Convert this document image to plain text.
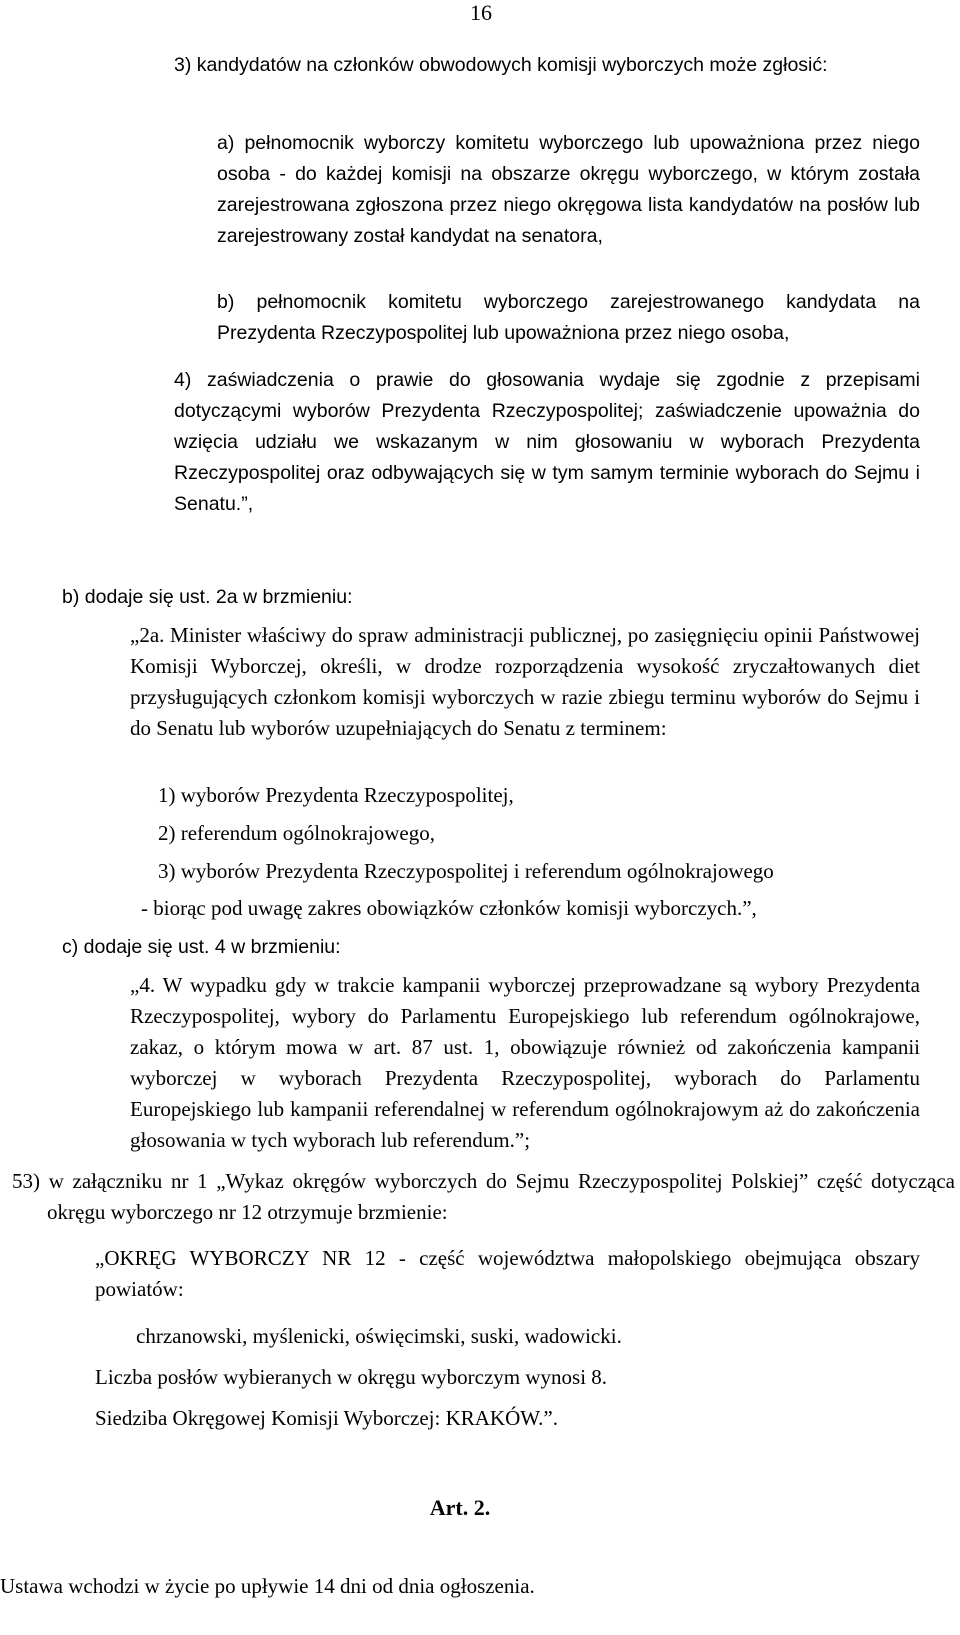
16
3) kandydatów na członków obwodowych komisji wyborczych może zgłosić:
a) pełnomocnik wyborczy komitetu wyborczego lub upoważniona przez niego osoba - do każdej komisji na obszarze okręgu wyborczego, w którym została zarejestrowana zgłoszona przez niego okręgowa lista kandydatów na posłów lub zarejestrowany został kandydat na senatora,
b) pełnomocnik komitetu wyborczego zarejestrowanego kandydata na Prezydenta Rzeczypospolitej lub upoważniona przez niego osoba,
4) zaświadczenia o prawie do głosowania wydaje się zgodnie z przepisami dotyczącymi wyborów Prezydenta Rzeczypospolitej; zaświadczenie upoważnia do wzięcia udziału we wskazanym w nim głosowaniu w wyborach Prezydenta Rzeczypospolitej oraz odbywających się w tym samym terminie wyborach do Sejmu i Senatu.”,
b) dodaje się ust. 2a w brzmieniu:
„2a. Minister właściwy do spraw administracji publicznej, po zasięgnięciu opinii Państwowej Komisji Wyborczej, określi, w drodze rozporządzenia wysokość zryczałtowanych diet przysługujących członkom komisji wyborczych w razie zbiegu terminu wyborów do Sejmu i do Senatu lub wyborów uzupełniających do Senatu z terminem:
1) wyborów Prezydenta Rzeczypospolitej,
2) referendum ogólnokrajowego,
3) wyborów Prezydenta Rzeczypospolitej i referendum ogólnokrajowego
- biorąc pod uwagę zakres obowiązków członków komisji wyborczych.”,
c) dodaje się ust. 4 w brzmieniu:
„4. W wypadku gdy w trakcie kampanii wyborczej przeprowadzane są wybory Prezydenta Rzeczypospolitej, wybory do Parlamentu Europejskiego lub referendum ogólnokrajowe, zakaz, o którym mowa w art. 87 ust. 1, obowiązuje również od zakończenia kampanii wyborczej w wyborach Prezydenta Rzeczypospolitej, wyborach do Parlamentu Europejskiego lub kampanii referendalnej w referendum ogólnokrajowym aż do zakończenia głosowania w tych wyborach lub referendum.”;
53) w załączniku nr 1 „Wykaz okręgów wyborczych do Sejmu Rzeczypospolitej Polskiej” część dotycząca okręgu wyborczego nr 12 otrzymuje brzmienie:
„OKRĘG WYBORCZY NR 12 - część województwa małopolskiego obejmująca obszary powiatów:
chrzanowski, myślenicki, oświęcimski, suski, wadowicki.
Liczba posłów wybieranych w okręgu wyborczym wynosi 8.
Siedziba Okręgowej Komisji Wyborczej: KRAKÓW.”.
Art. 2.
Ustawa wchodzi w życie po upływie 14 dni od dnia ogłoszenia.
